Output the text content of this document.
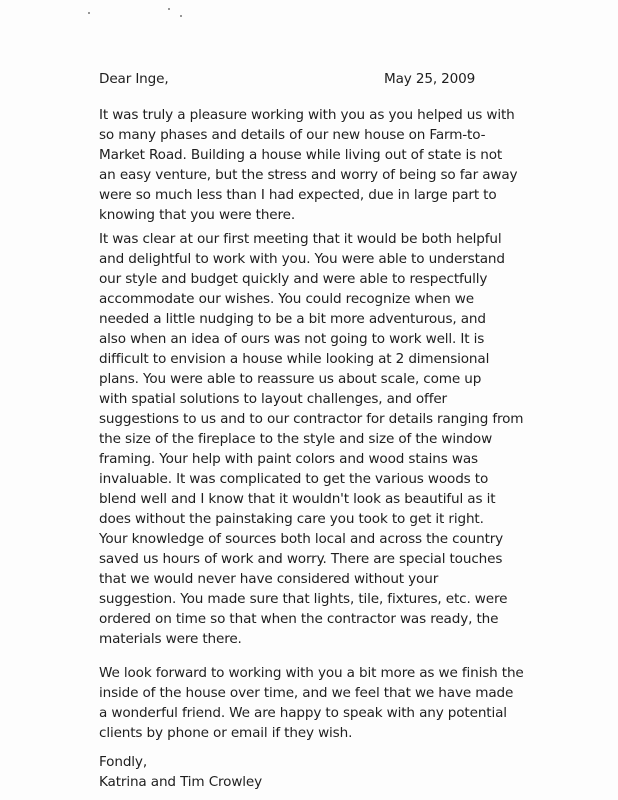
Dear Inge,	May 25, 2009
It was truly a pleasure working with you as you helped us with
so many phases and details of our new house on Farm-to-
Market Road. Building a house while living out of state is not
an easy venture, but the stress and worry of being so far away
were so much less than I had expected, due in large part to
knowing that you were there.
It was clear at our first meeting that it would be both helpful
and delightful to work with you. You were able to understand
our style and budget quickly and were able to respectfully
accommodate our wishes. You could recognize when we
needed a little nudging to be a bit more adventurous, and
also when an idea of ours was not going to work well. It is
difficult to envision a house while looking at 2 dimensional
plans. You were able to reassure us about scale, come up
with spatial solutions to layout challenges, and offer
suggestions to us and to our contractor for details ranging from
the size of the fireplace to the style and size of the window
framing. Your help with paint colors and wood stains was
invaluable. It was complicated to get the various woods to
blend well and I know that it wouldn't look as beautiful as it
does without the painstaking care you took to get it right.
Your knowledge of sources both local and across the country
saved us hours of work and worry. There are special touches
that we would never have considered without your
suggestion. You made sure that lights, tile, fixtures, etc. were
ordered on time so that when the contractor was ready, the
materials were there.
We look forward to working with you a bit more as we finish the
inside of the house over time, and we feel that we have made
a wonderful friend. We are happy to speak with any potential
clients by phone or email if they wish.
Fondly,
Katrina and Tim Crowley
